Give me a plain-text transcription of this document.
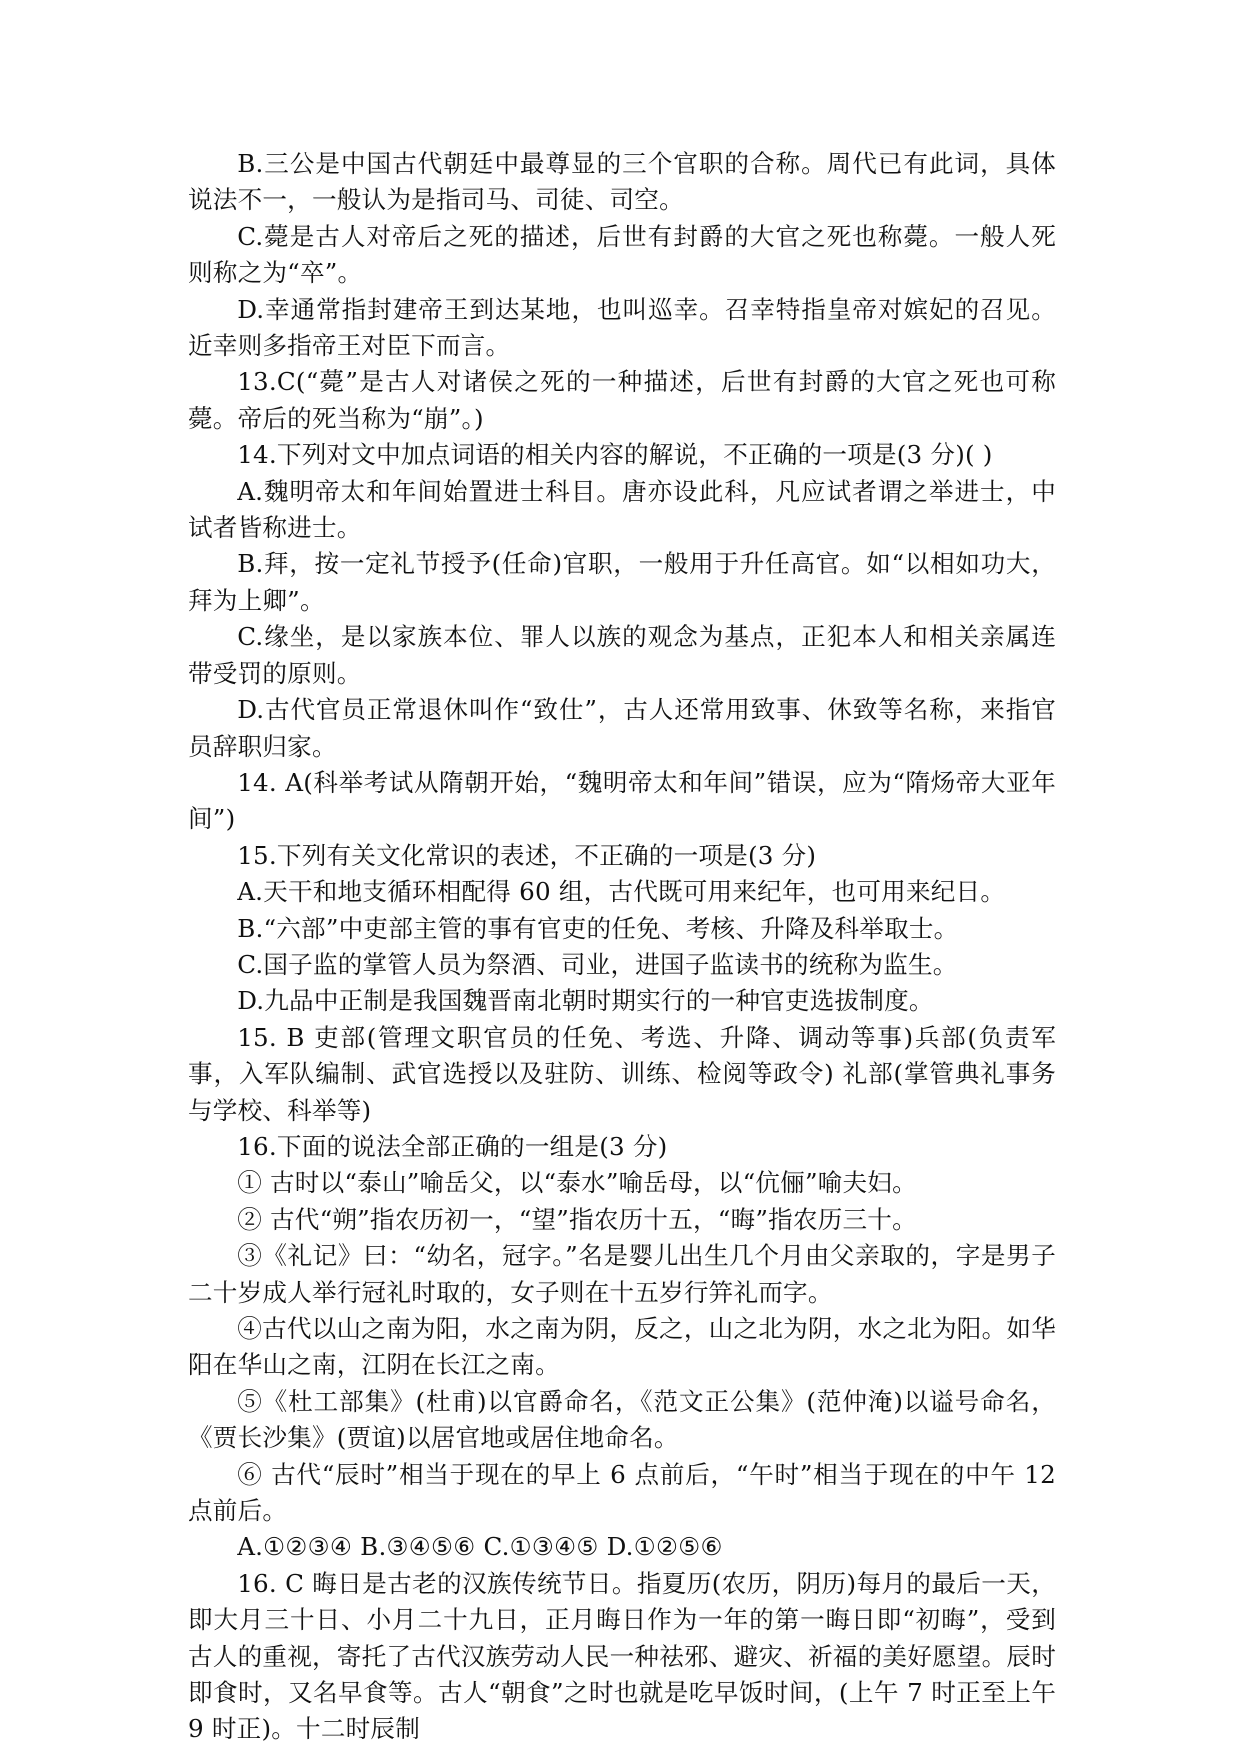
B.三公是中国古代朝廷中最尊显的三个官职的合称。周代已有此词，具体说法不一，一般认为是指司马、司徒、司空。

C.薨是古人对帝后之死的描述，后世有封爵的大官之死也称薨。一般人死则称之为“卒”。

D.幸通常指封建帝王到达某地，也叫巡幸。召幸特指皇帝对嫔妃的召见。近幸则多指帝王对臣下而言。

13.C(“薨”是古人对诸侯之死的一种描述，后世有封爵的大官之死也可称薨。帝后的死当称为“崩”。)

14.下列对文中加点词语的相关内容的解说，不正确的一项是(3 分)( )

A.魏明帝太和年间始置进士科目。唐亦设此科，凡应试者谓之举进士，中试者皆称进士。

B.拜，按一定礼节授予(任命)官职，一般用于升任高官。如“以相如功大，拜为上卿”。

C.缘坐，是以家族本位、罪人以族的观念为基点，正犯本人和相关亲属连带受罚的原则。

D.古代官员正常退休叫作“致仕”，古人还常用致事、休致等名称，来指官员辞职归家。

14. A(科举考试从隋朝开始，“魏明帝太和年间”错误，应为“隋炀帝大亚年间”)

15.下列有关文化常识的表述，不正确的一项是(3 分)

A.天干和地支循环相配得 60 组，古代既可用来纪年，也可用来纪日。

B.“六部”中吏部主管的事有官吏的任免、考核、升降及科举取士。

C.国子监的掌管人员为祭酒、司业，进国子监读书的统称为监生。

D.九品中正制是我国魏晋南北朝时期实行的一种官吏选拔制度。

15. B 吏部(管理文职官员的任免、考选、升降、调动等事)兵部(负责军事，入军队编制、武官选授以及驻防、训练、检阅等政令) 礼部(掌管典礼事务与学校、科举等)

16.下面的说法全部正确的一组是(3 分)

① 古时以“泰山”喻岳父，以“泰水”喻岳母，以“伉俪”喻夫妇。

② 古代“朔”指农历初一，“望”指农历十五，“晦”指农历三十。

③《礼记》曰：“幼名，冠字。”名是婴儿出生几个月由父亲取的，字是男子二十岁成人举行冠礼时取的，女子则在十五岁行笄礼而字。

④古代以山之南为阳，水之南为阴，反之，山之北为阴，水之北为阳。如华阳在华山之南，江阴在长江之南。

⑤《杜工部集》(杜甫)以官爵命名，《范文正公集》(范仲淹)以谥号命名，《贾长沙集》(贾谊)以居官地或居住地命名。

⑥ 古代“辰时”相当于现在的早上 6 点前后，“午时”相当于现在的中午 12 点前后。

A.①②③④ B.③④⑤⑥ C.①③④⑤ D.①②⑤⑥

16. C 晦日是古老的汉族传统节日。指夏历(农历，阴历)每月的最后一天，即大月三十日、小月二十九日，正月晦日作为一年的第一晦日即“初晦”，受到古人的重视，寄托了古代汉族劳动人民一种祛邪、避灾、祈福的美好愿望。辰时即食时，又名早食等。古人“朝食”之时也就是吃早饭时间，(上午 7 时正至上午 9 时正)。十二时辰制
